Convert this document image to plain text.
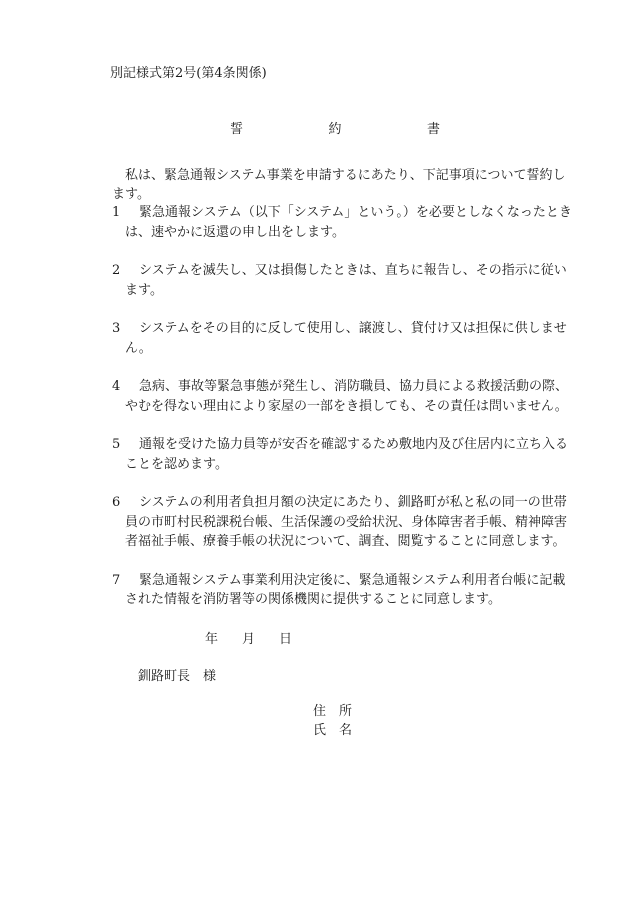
別記様式第2号(第4条関係)
誓	約	書
私は、緊急通報システム事業を申請するにあたり、下記事項について誓約します。
1 緊急通報システム（以下「システム」という。）を必要としなくなったときは、速やかに返還の申し出をします。
2 システムを滅失し、又は損傷したときは、直ちに報告し、その指示に従います。
3 システムをその目的に反して使用し、譲渡し、貸付け又は担保に供しません。
4 急病、事故等緊急事態が発生し、消防職員、協力員による救援活動の際、やむを得ない理由により家屋の一部をき損しても、その責任は問いません。
5 通報を受けた協力員等が安否を確認するため敷地内及び住居内に立ち入ることを認めます。
6 システムの利用者負担月額の決定にあたり、釧路町が私と私の同一の世帯員の市町村民税課税台帳、生活保護の受給状況、身体障害者手帳、精神障害者福祉手帳、療養手帳の状況について、調査、閲覧することに同意します。
7 緊急通報システム事業利用決定後に、緊急通報システム利用者台帳に記載された情報を消防署等の関係機関に提供することに同意します。
年 月 日
釧路町長 様
住 所
氏 名
